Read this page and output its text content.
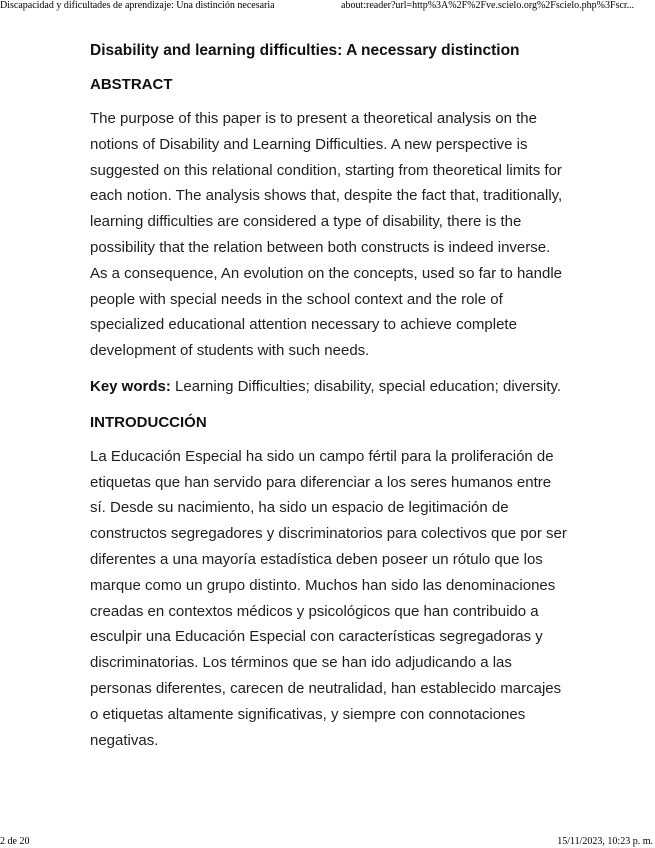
Discapacidad y dificultades de aprendizaje: Una distinción necesaria	about:reader?url=http%3A%2F%2Fve.scielo.org%2Fscielo.php%3Fscr...
Disability and learning difficulties: A necessary distinction
ABSTRACT

The purpose of this paper is to present a theoretical analysis on the notions of Disability and Learning Difficulties. A new perspective is suggested on this relational condition, starting from theoretical limits for each notion. The analysis shows that, despite the fact that, traditionally, learning difficulties are considered a type of disability, there is the possibility that the relation between both constructs is indeed inverse. As a consequence, An evolution on the concepts, used so far to handle people with special needs in the school context and the role of specialized educational attention necessary to achieve complete development of students with such needs.

Key words: Learning Difficulties; disability, special education; diversity.

INTRODUCCIÓN

La Educación Especial ha sido un campo fértil para la proliferación de etiquetas que han servido para diferenciar a los seres humanos entre sí. Desde su nacimiento, ha sido un espacio de legitimación de constructos segregadores y discriminatorios para colectivos que por ser diferentes a una mayoría estadística deben poseer un rótulo que los marque como un grupo distinto. Muchos han sido las denominaciones creadas en contextos médicos y psicológicos que han contribuido a esculpir una Educación Especial con características segregadoras y discriminatorias. Los términos que se han ido adjudicando a las personas diferentes, carecen de neutralidad, han establecido marcajes o etiquetas altamente significativas, y siempre con connotaciones negativas.

2 de 20	15/11/2023, 10:23 p. m.
